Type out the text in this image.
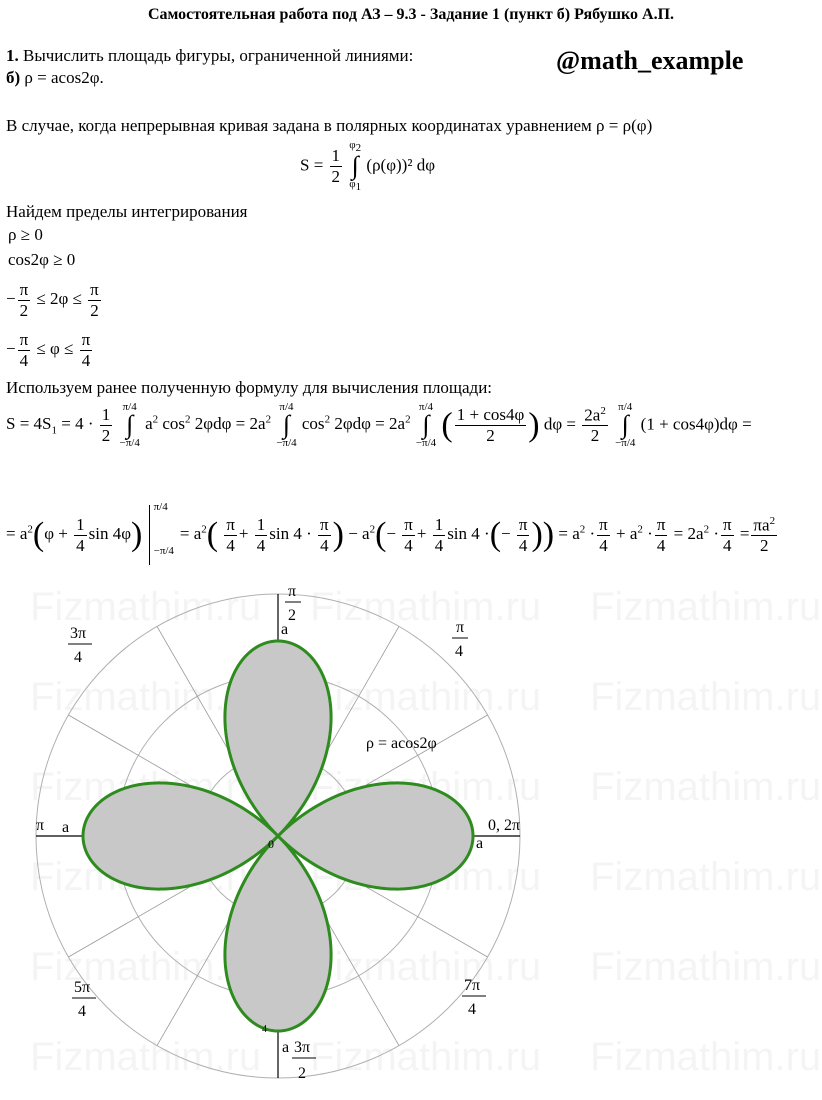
Самостоятельная работа под АЗ – 9.3 - Задание 1 (пункт б) Рябушко А.П.
@math_example
1. Вычислить площадь фигуры, ограниченной линиями:
б) ρ = acos2φ.
В случае, когда непрерывная кривая задана в полярных координатах уравнением ρ = ρ(φ)
$S = \frac{1}{2}$

$\varphi_2$
∫
$\varphi_1$
(ρ(φ))² dφ
Найдем пределы интегрирования
ρ ≥ 0
cos2φ ≥ 0
− $\frac{\pi}{2} \le 2\varphi \le \frac{\pi}{2}$
− $\frac{\pi}{4} \le \varphi \le \frac{\pi}{4}$
Используем ранее полученную формулу для вычисления площади:
$S = 4S_1 = 4 \cdot \frac{1}{2}$
π/4
∫
−π/4
$a^2$ $\cos^2 2\varphi d\varphi = 2a^2$
π/4
∫
−π/4
$\cos^2 2\varphi d\varphi = 2a^2$
π/4
∫
−π/4 ( $\frac{1 + \cos 4\varphi}{2}$ ) $d\varphi = \frac{2a^2}{2}$
π/4
∫
−π/4
(1 + cos4φ)dφ =
= $a^2(\varphi + \frac{1}{4}$ sin 4φ)
π/4
−π/4
= $a^2( \frac{\pi}{4} + \frac{1}{4}$ $\sin 4 \cdot \frac{\pi}{4}$ ) − $a^2(- \frac{\pi}{4} + \frac{1}{4}$ sin 4 ·(− $\frac{\pi}{4}$ )) = $a^2 \cdot \frac{\pi}{4} + a^2 \cdot \frac{\pi}{4} = 2a^2 \cdot \frac{\pi}{4} = \frac{\pi a^2}{2}$
ρ = acos2φ
0, 2π
π
π
4
π
2
3π
4
5π
4
3π
2
7π
4
a
a
a
a
0
4
